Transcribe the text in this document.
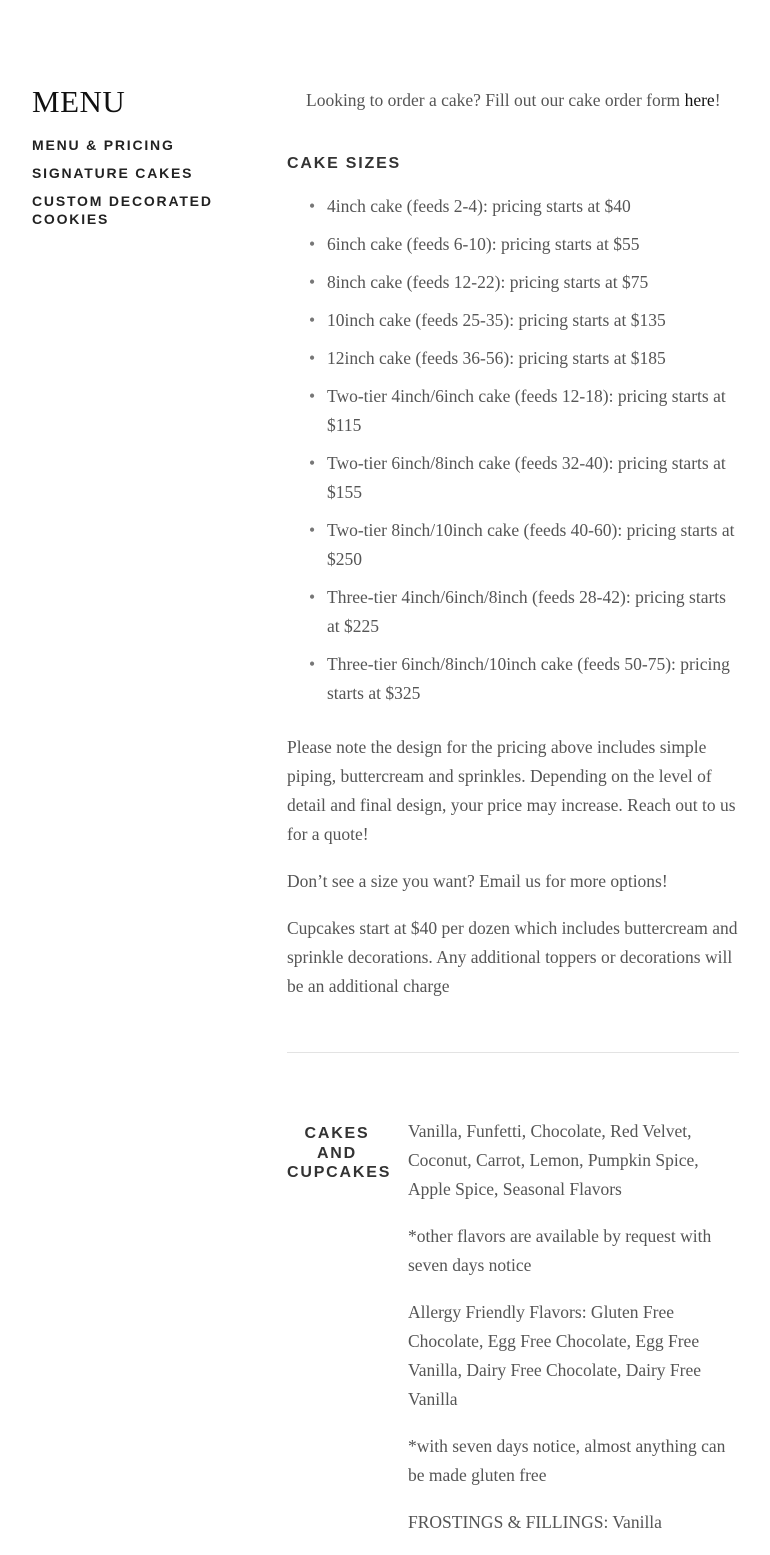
MENU
MENU & PRICING
SIGNATURE CAKES
CUSTOM DECORATED COOKIES

Looking to order a cake? Fill out our cake order form here!

CAKE SIZES
• 4inch cake (feeds 2-4): pricing starts at $40
• 6inch cake (feeds 6-10): pricing starts at $55
• 8inch cake (feeds 12-22): pricing starts at $75
• 10inch cake (feeds 25-35): pricing starts at $135
• 12inch cake (feeds 36-56): pricing starts at $185
• Two-tier 4inch/6inch cake (feeds 12-18): pricing starts at $115
• Two-tier 6inch/8inch cake (feeds 32-40): pricing starts at $155
• Two-tier 8inch/10inch cake (feeds 40-60): pricing starts at $250
• Three-tier 4inch/6inch/8inch (feeds 28-42): pricing starts at $225
• Three-tier 6inch/8inch/10inch cake (feeds 50-75): pricing starts at $325

Please note the design for the pricing above includes simple piping, buttercream and sprinkles. Depending on the level of detail and final design, your price may increase. Reach out to us for a quote!

Don’t see a size you want? Email us for more options!

Cupcakes start at $40 per dozen which includes buttercream and sprinkle decorations. Any additional toppers or decorations will be an additional charge

CAKES AND CUPCAKES

Vanilla, Funfetti, Chocolate, Red Velvet, Coconut, Carrot, Lemon, Pumpkin Spice, Apple Spice, Seasonal Flavors

*other flavors are available by request with seven days notice

Allergy Friendly Flavors: Gluten Free Chocolate, Egg Free Chocolate, Egg Free Vanilla, Dairy Free Chocolate, Dairy Free Vanilla

*with seven days notice, almost anything can be made gluten free

FROSTINGS & FILLINGS: Vanilla
